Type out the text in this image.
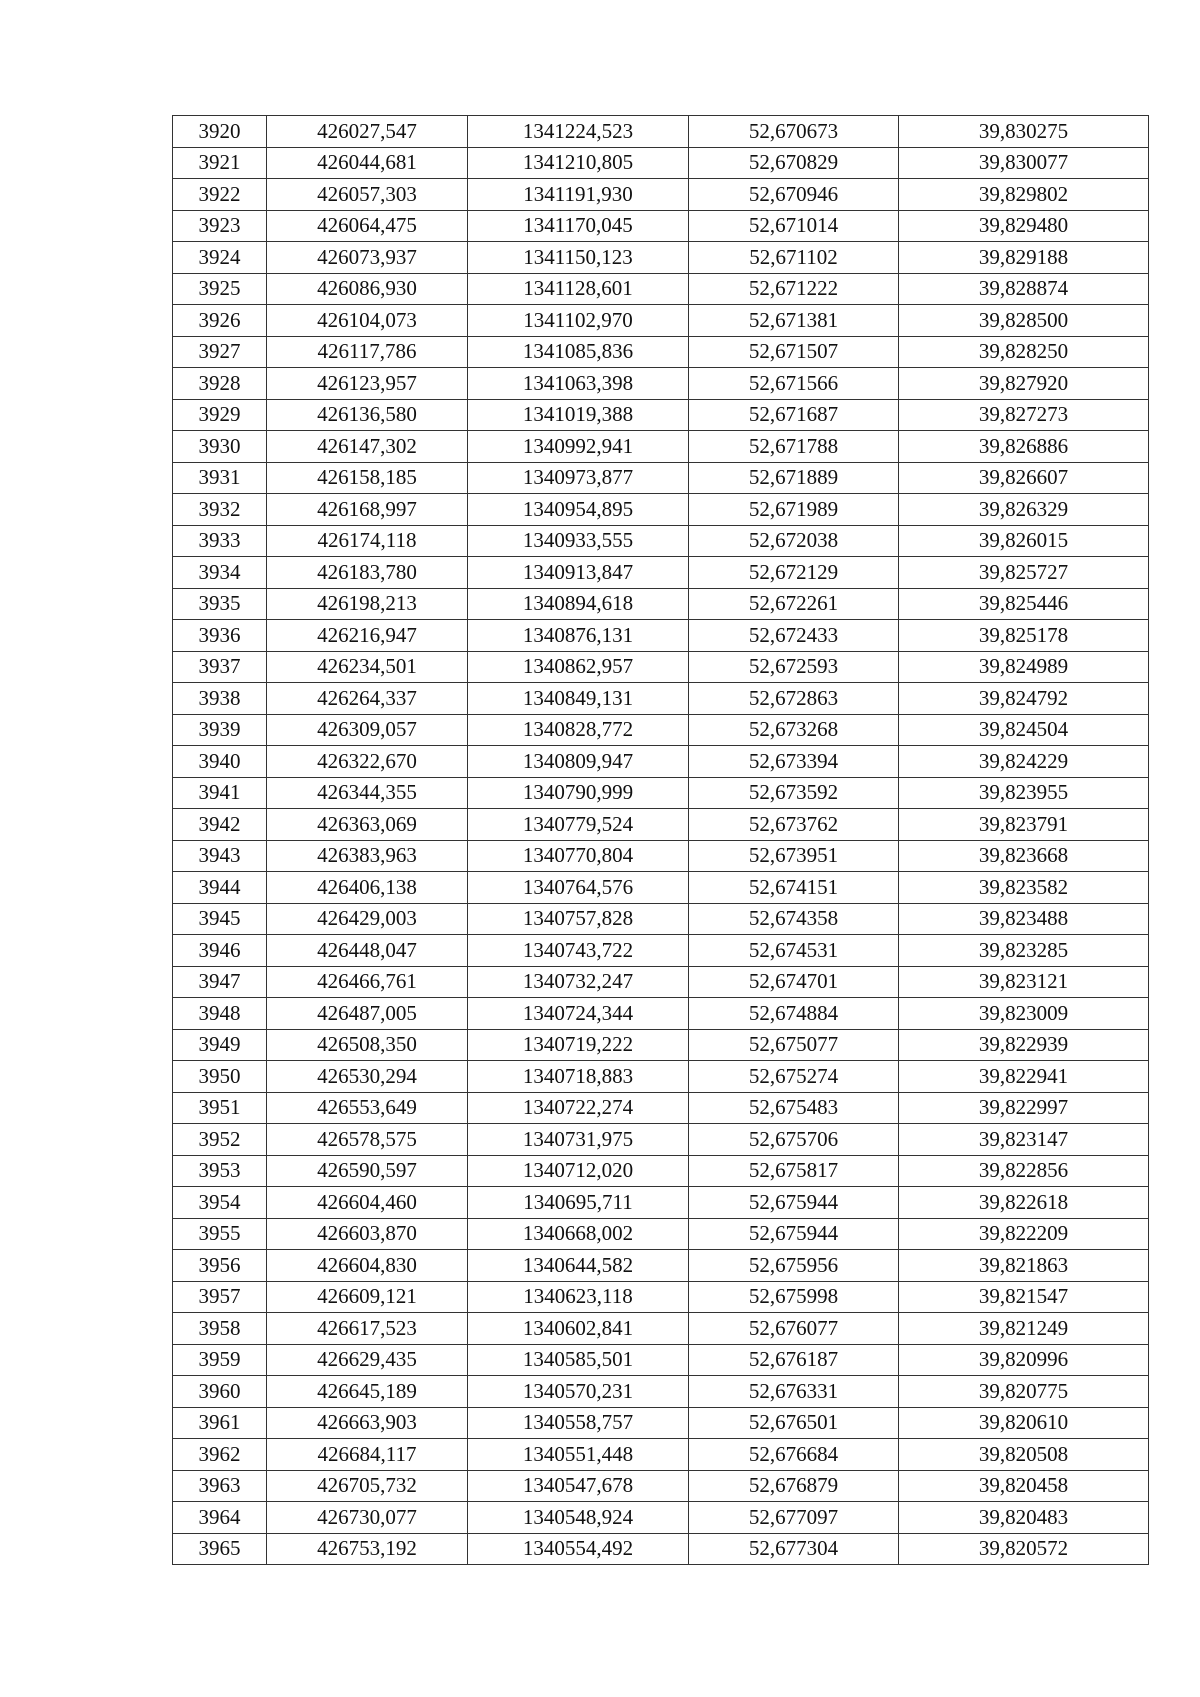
3920	426027,547	1341224,523	52,670673	39,830275
3921	426044,681	1341210,805	52,670829	39,830077
3922	426057,303	1341191,930	52,670946	39,829802
3923	426064,475	1341170,045	52,671014	39,829480
3924	426073,937	1341150,123	52,671102	39,829188
3925	426086,930	1341128,601	52,671222	39,828874
3926	426104,073	1341102,970	52,671381	39,828500
3927	426117,786	1341085,836	52,671507	39,828250
3928	426123,957	1341063,398	52,671566	39,827920
3929	426136,580	1341019,388	52,671687	39,827273
3930	426147,302	1340992,941	52,671788	39,826886
3931	426158,185	1340973,877	52,671889	39,826607
3932	426168,997	1340954,895	52,671989	39,826329
3933	426174,118	1340933,555	52,672038	39,826015
3934	426183,780	1340913,847	52,672129	39,825727
3935	426198,213	1340894,618	52,672261	39,825446
3936	426216,947	1340876,131	52,672433	39,825178
3937	426234,501	1340862,957	52,672593	39,824989
3938	426264,337	1340849,131	52,672863	39,824792
3939	426309,057	1340828,772	52,673268	39,824504
3940	426322,670	1340809,947	52,673394	39,824229
3941	426344,355	1340790,999	52,673592	39,823955
3942	426363,069	1340779,524	52,673762	39,823791
3943	426383,963	1340770,804	52,673951	39,823668
3944	426406,138	1340764,576	52,674151	39,823582
3945	426429,003	1340757,828	52,674358	39,823488
3946	426448,047	1340743,722	52,674531	39,823285
3947	426466,761	1340732,247	52,674701	39,823121
3948	426487,005	1340724,344	52,674884	39,823009
3949	426508,350	1340719,222	52,675077	39,822939
3950	426530,294	1340718,883	52,675274	39,822941
3951	426553,649	1340722,274	52,675483	39,822997
3952	426578,575	1340731,975	52,675706	39,823147
3953	426590,597	1340712,020	52,675817	39,822856
3954	426604,460	1340695,711	52,675944	39,822618
3955	426603,870	1340668,002	52,675944	39,822209
3956	426604,830	1340644,582	52,675956	39,821863
3957	426609,121	1340623,118	52,675998	39,821547
3958	426617,523	1340602,841	52,676077	39,821249
3959	426629,435	1340585,501	52,676187	39,820996
3960	426645,189	1340570,231	52,676331	39,820775
3961	426663,903	1340558,757	52,676501	39,820610
3962	426684,117	1340551,448	52,676684	39,820508
3963	426705,732	1340547,678	52,676879	39,820458
3964	426730,077	1340548,924	52,677097	39,820483
3965	426753,192	1340554,492	52,677304	39,820572
